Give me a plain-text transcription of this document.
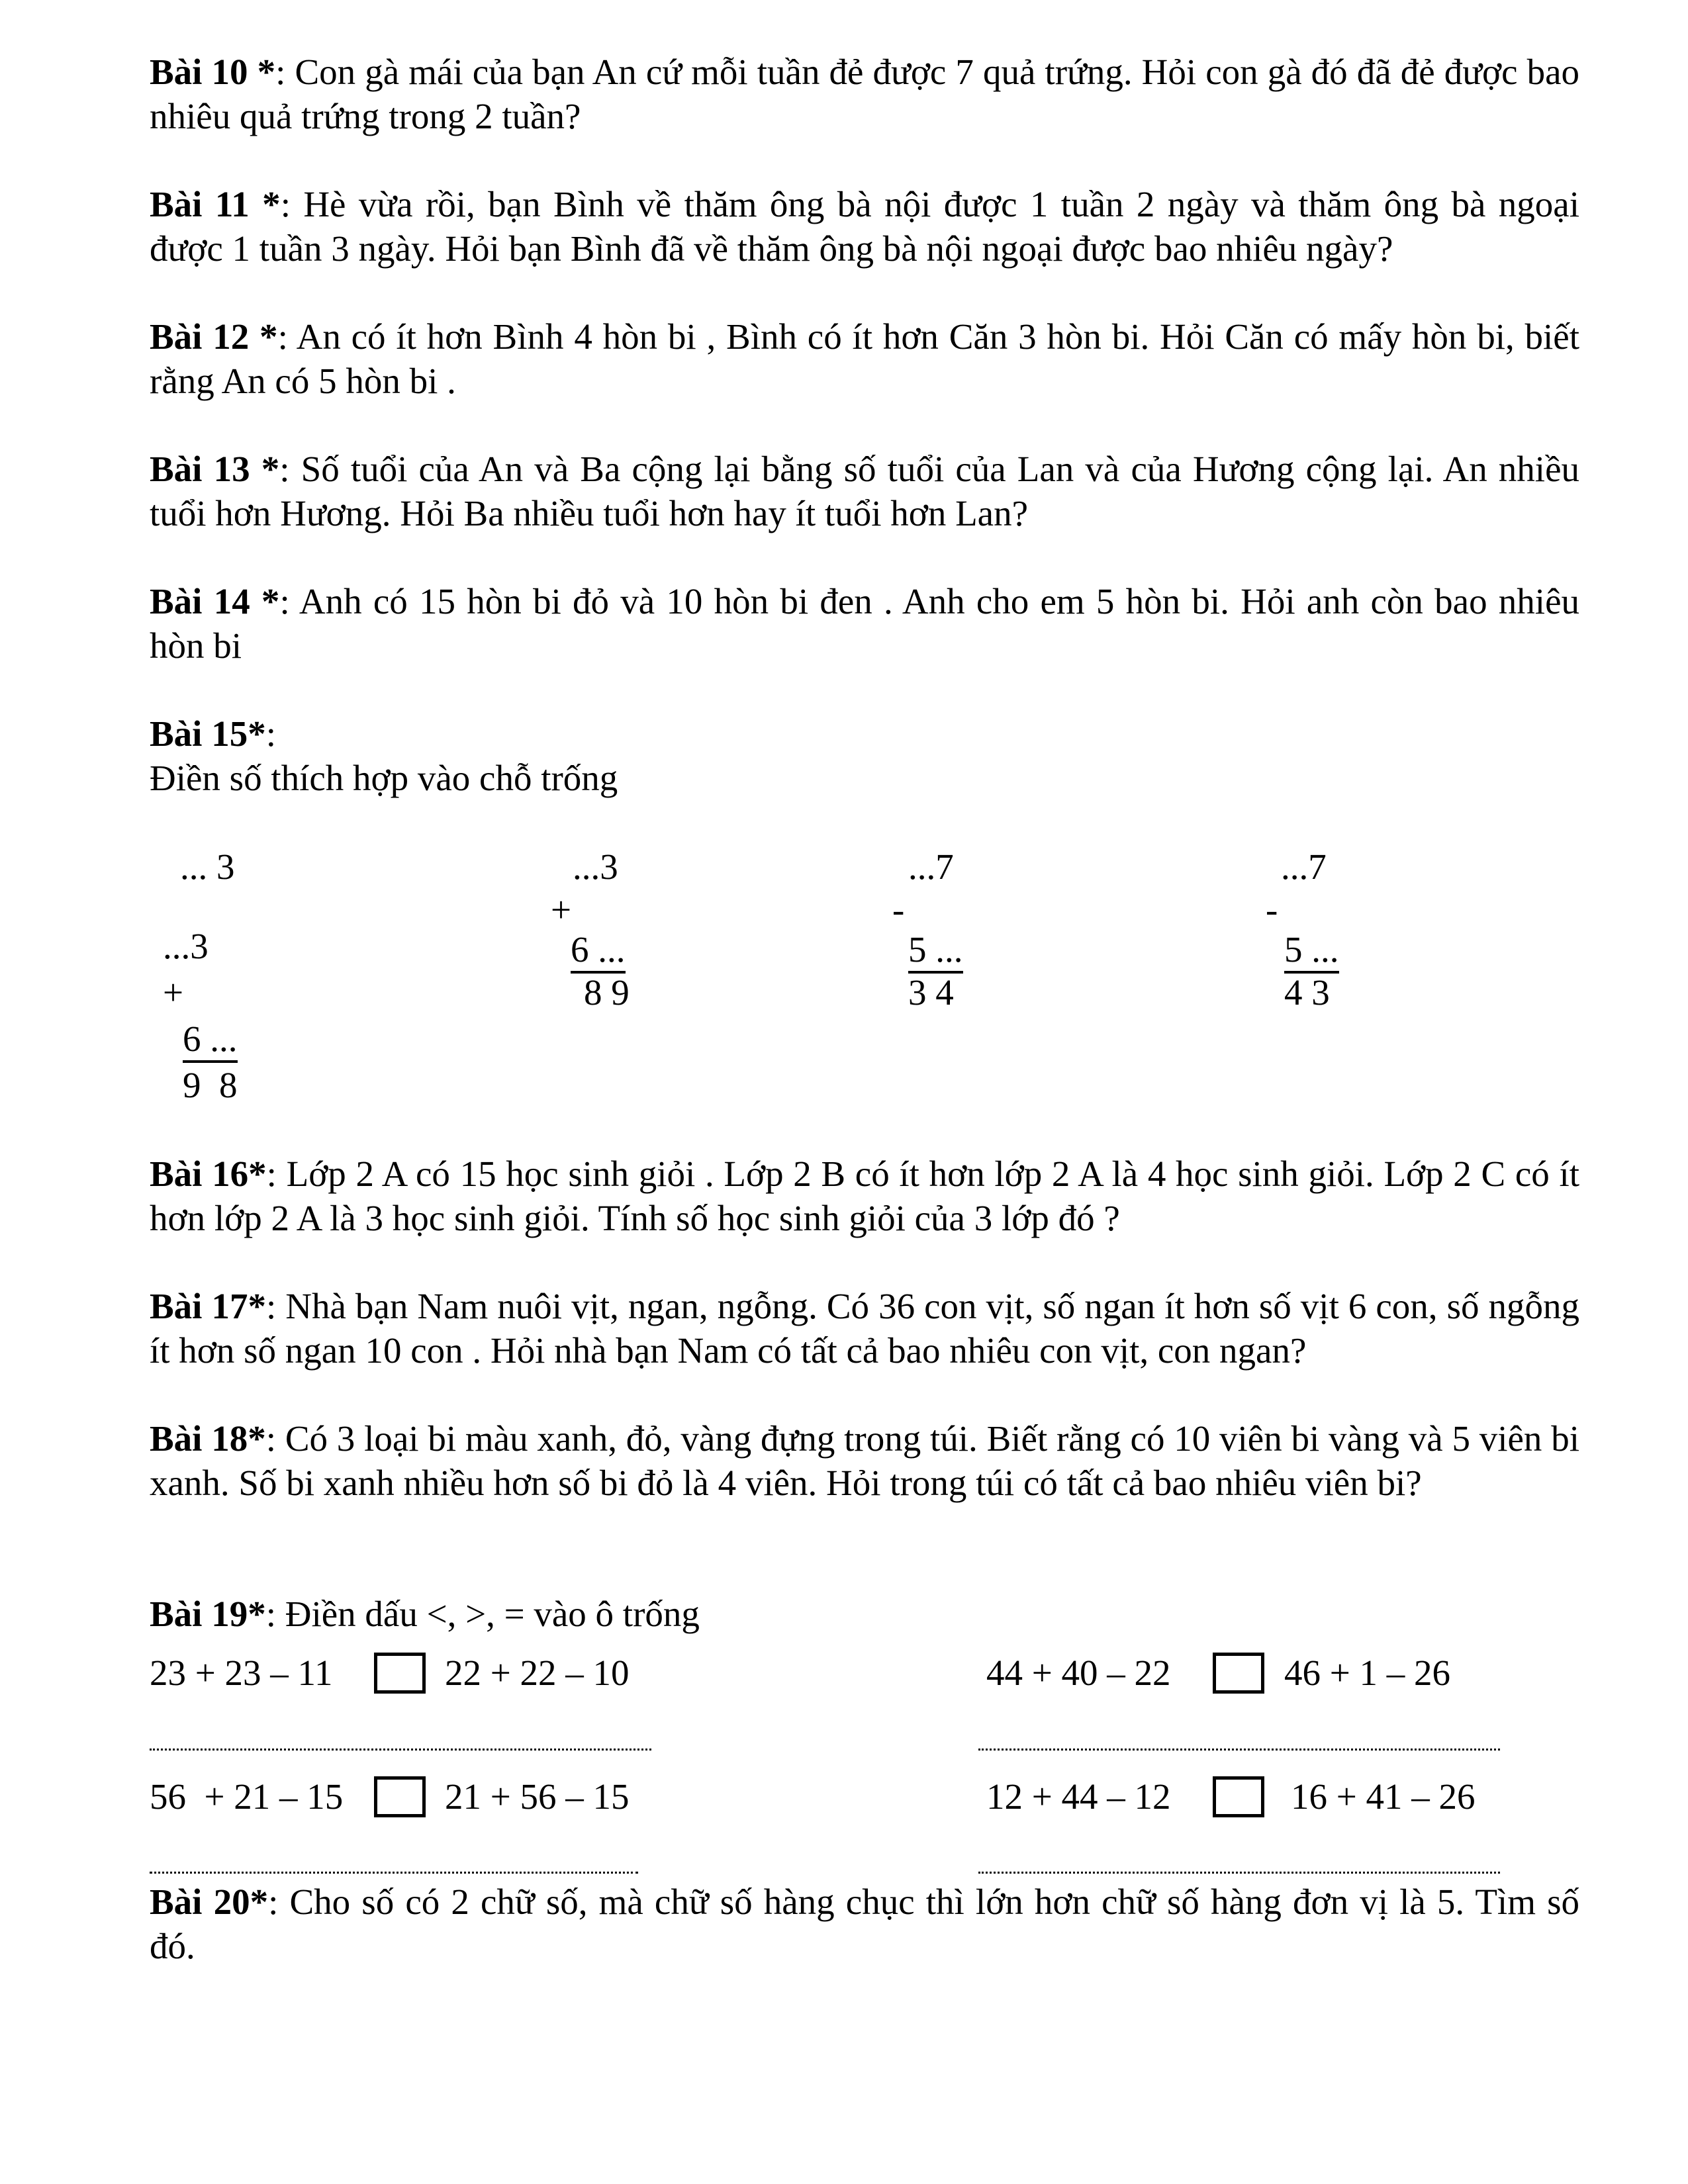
Bài 10 *: Con gà mái của bạn An cứ mỗi tuần đẻ được 7 quả trứng. Hỏi con gà đó đã đẻ được bao nhiêu quả trứng trong 2 tuần?
Bài 11 *: Hè vừa rồi, bạn Bình về thăm ông bà nội được 1 tuần 2 ngày và thăm ông bà ngoại được 1 tuần 3 ngày. Hỏi bạn Bình đã về thăm ông bà nội ngoại được bao nhiêu ngày?
Bài 12 *: An có ít hơn Bình 4 hòn bi , Bình có ít hơn Căn 3 hòn bi. Hỏi Căn có mấy hòn bi, biết rằng An có 5 hòn bi .
Bài 13 *: Số tuổi của An và Ba cộng lại bằng số tuổi của Lan và của Hương cộng lại. An nhiều tuổi hơn Hương. Hỏi Ba nhiều tuổi hơn hay ít tuổi hơn Lan?
Bài 14 *: Anh có 15 hòn bi đỏ và 10 hòn bi đen . Anh cho em 5 hòn bi. Hỏi anh còn bao nhiêu hòn bi
Bài 15*:
Điền số thích hợp vào chỗ trống
... 3
...3
+
6 ...
9  8
...3
+
6 ...
8 9
...7
-
5 ...
3 4
...7
-
5 ...
4 3
Bài 16*: Lớp 2 A có 15 học sinh giỏi . Lớp 2 B có ít hơn lớp 2 A là 4 học sinh giỏi. Lớp 2 C có ít hơn lớp 2 A là 3 học sinh giỏi. Tính số học sinh giỏi của 3 lớp đó ?
Bài 17*: Nhà bạn Nam nuôi vịt, ngan, ngỗng. Có 36 con vịt, số ngan ít hơn số vịt 6 con, số ngỗng ít hơn số ngan 10 con . Hỏi nhà bạn Nam có tất cả bao nhiêu con vịt, con ngan?
Bài 18*: Có 3 loại bi màu xanh, đỏ, vàng đựng trong túi. Biết rằng có 10 viên bi vàng và 5 viên bi xanh. Số bi xanh nhiều hơn số bi đỏ là 4 viên. Hỏi trong túi có tất cả bao nhiêu viên bi?
Bài 19*: Điền dấu <, >, = vào ô trống
23 + 23 – 11	22 + 22 – 10	44 + 40 – 22	46 + 1 – 26
56  + 21 – 15	21 + 56 – 15	12 + 44 – 12	16 + 41 – 26
Bài 20*: Cho số có 2 chữ số, mà chữ số hàng chục thì lớn hơn chữ số hàng đơn vị là 5. Tìm số đó.
